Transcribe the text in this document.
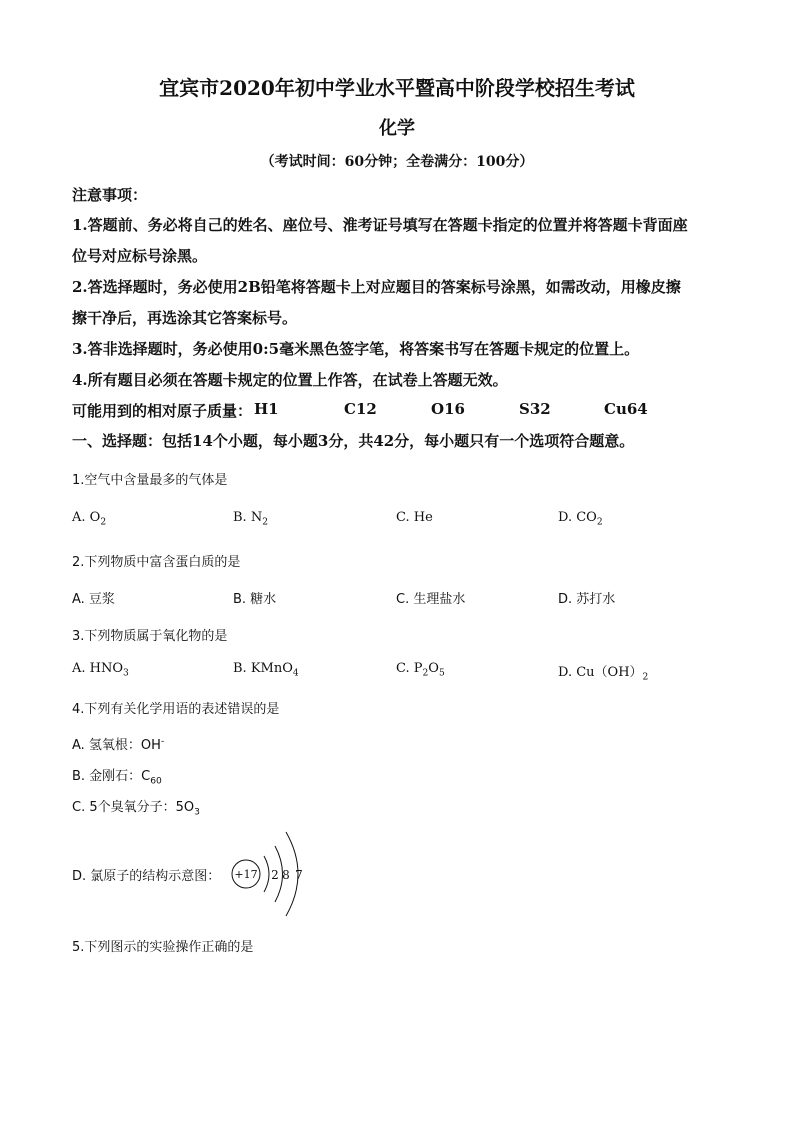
宜宾市2020年初中学业水平暨高中阶段学校招生考试
化学
（考试时间：60分钟；全卷满分：100分）
注意事项：
1.答题前、务必将自己的姓名、座位号、淮考证号填写在答题卡指定的位置并将答题卡背面座
位号对应标号涂黑。
2.答选择题时，务必使用2B铅笔将答题卡上对应题目的答案标号涂黑，如需改动，用橡皮擦
擦干净后，再选涂其它答案标号。
3.答非选择题时，务必使用0:5毫米黑色签字笔，将答案书写在答题卡规定的位置上。
4.所有题目必须在答题卡规定的位置上作答，在试卷上答题无效。
可能用到的相对原子质量： H1	C12	O16	S32	Cu64
一、选择题：包括14个小题，每小题3分，共42分，每小题只有一个选项符合题意。
1.空气中含量最多的气体是
A. $O_2$	B. $N_2$	C. He	D. $CO_2$
2.下列物质中富含蛋白质的是
A. 豆浆	B. 糖水	C. 生理盐水	D. 苏打水
3.下列物质属于氧化物的是
A. $HNO_3$	B. KMnO$_4$	C. $P_2O_5$	D. $Cu(OH)_2$
4.下列有关化学用语的表述错误的是
A. 氢氧根：OH-
B. 金刚石：$C_{60}$
C. 5个臭氧分子：$5O_3$
D. 氯原子的结构示意图： +17 2 8 7
5.下列图示的实验操作正确的是
